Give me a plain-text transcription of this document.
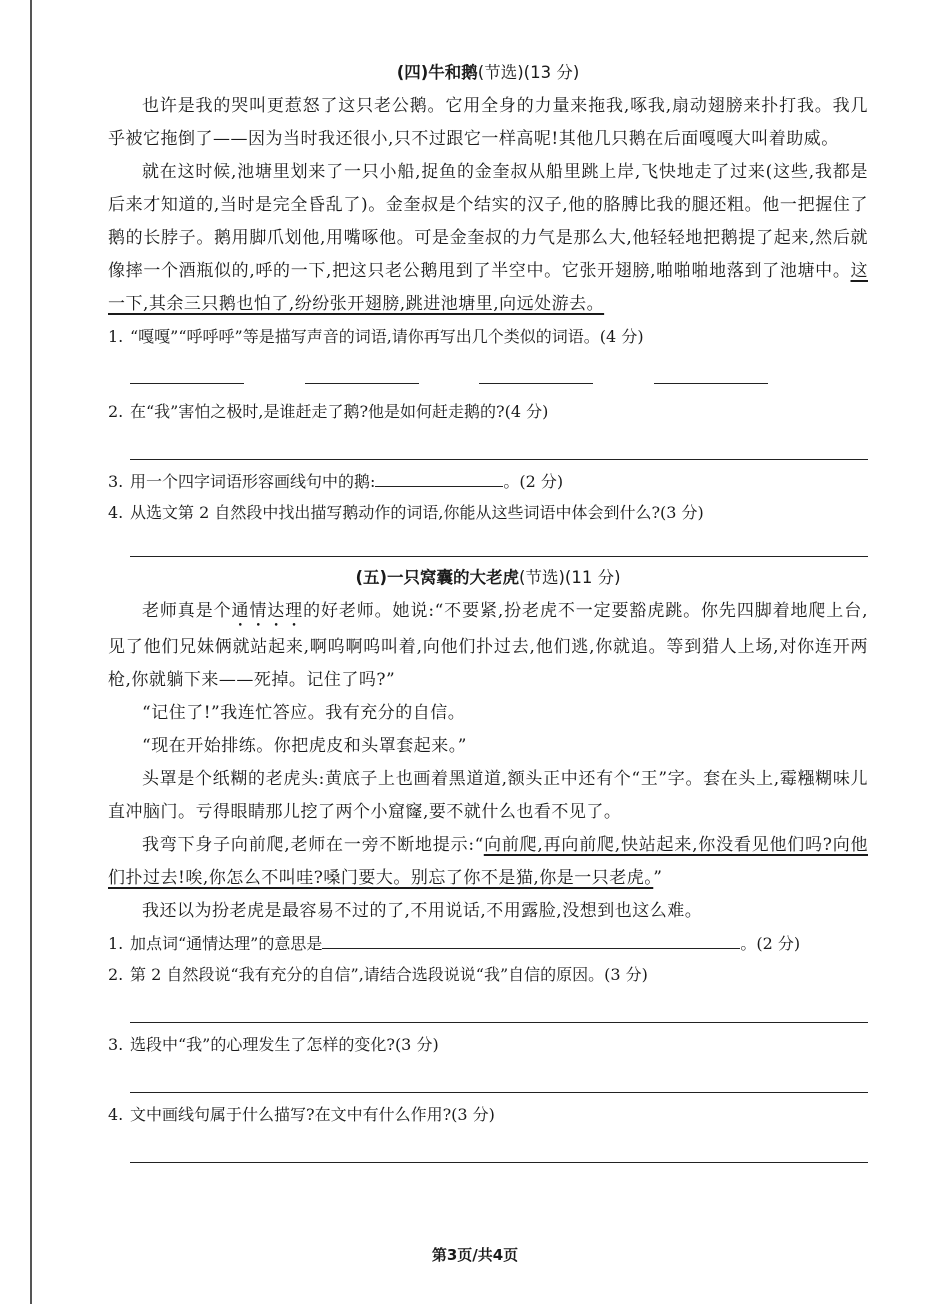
(四)牛和鹅(节选)(13 分)

也许是我的哭叫更惹怒了这只老公鹅。它用全身的力量来拖我,啄我,扇动翅膀来扑打我。我几乎被它拖倒了——因为当时我还很小,只不过跟它一样高呢!其他几只鹅在后面嘎嘎大叫着助威。

就在这时候,池塘里划来了一只小船,捉鱼的金奎叔从船里跳上岸,飞快地走了过来(这些,我都是后来才知道的,当时是完全昏乱了)。金奎叔是个结实的汉子,他的胳膊比我的腿还粗。他一把握住了鹅的长脖子。鹅用脚爪划他,用嘴啄他。可是金奎叔的力气是那么大,他轻轻地把鹅提了起来,然后就像摔一个酒瓶似的,呼的一下,把这只老公鹅甩到了半空中。它张开翅膀,啪啪啪地落到了池塘中。这一下,其余三只鹅也怕了,纷纷张开翅膀,跳进池塘里,向远处游去。

1. “嘎嘎”“呼呼呼”等是描写声音的词语,请你再写出几个类似的词语。(4 分)

2. 在“我”害怕之极时,是谁赶走了鹅?他是如何赶走鹅的?(4 分)

3. 用一个四字词语形容画线句中的鹅:	。(2 分)

4. 从选文第 2 自然段中找出描写鹅动作的词语,你能从这些词语中体会到什么?(3 分)

(五)一只窝囊的大老虎(节选)(11 分)

老师真是个通情达理的好老师。她说:“不要紧,扮老虎不一定要豁虎跳。你先四脚着地爬上台,见了他们兄妹俩就站起来,啊呜啊呜叫着,向他们扑过去,他们逃,你就追。等到猎人上场,对你连开两枪,你就躺下来——死掉。记住了吗?”

“记住了!”我连忙答应。我有充分的自信。

“现在开始排练。你把虎皮和头罩套起来。”

头罩是个纸糊的老虎头:黄底子上也画着黑道道,额头正中还有个“王”字。套在头上,霉糨糊味儿直冲脑门。亏得眼睛那儿挖了两个小窟窿,要不就什么也看不见了。

我弯下身子向前爬,老师在一旁不断地提示:“向前爬,再向前爬,快站起来,你没看见他们吗?向他们扑过去!唉,你怎么不叫哇?嗓门要大。别忘了你不是猫,你是一只老虎。”

我还以为扮老虎是最容易不过的了,不用说话,不用露脸,没想到也这么难。

1. 加点词“通情达理”的意思是	。(2 分)

2. 第 2 自然段说“我有充分的自信”,请结合选段说说“我”自信的原因。(3 分)

3. 选段中“我”的心理发生了怎样的变化?(3 分)

4. 文中画线句属于什么描写?在文中有什么作用?(3 分)

第3页/共4页
